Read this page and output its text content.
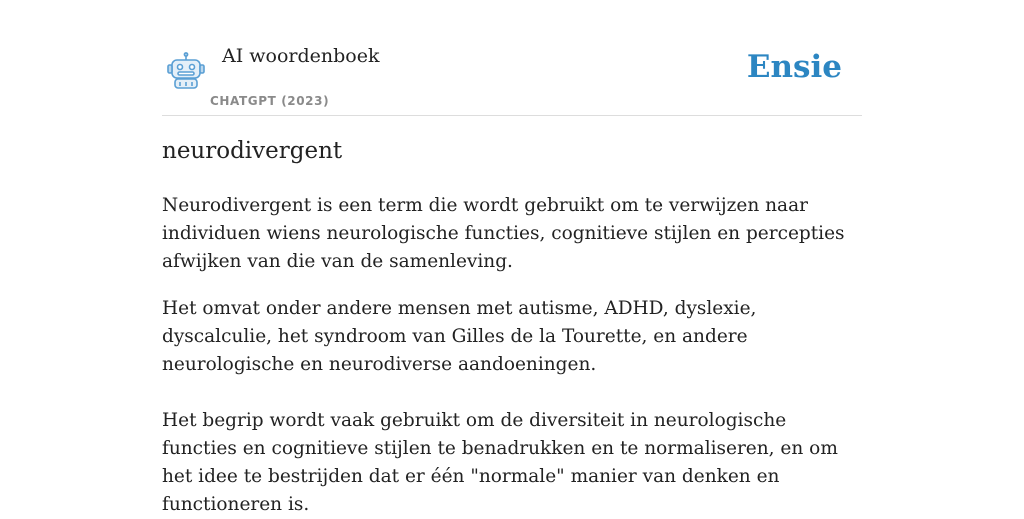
AI woordenboek
CHATGPT (2023)
Ensie
neurodivergent

Neurodivergent is een term die wordt gebruikt om te verwijzen naar individuen wiens neurologische functies, cognitieve stijlen en percepties afwijken van die van de samenleving.

Het omvat onder andere mensen met autisme, ADHD, dyslexie, dyscalculie, het syndroom van Gilles de la Tourette, en andere neurologische en neurodiverse aandoeningen.

Het begrip wordt vaak gebruikt om de diversiteit in neurologische functies en cognitieve stijlen te benadrukken en te normaliseren, en om het idee te bestrijden dat er één "normale" manier van denken en functioneren is.
